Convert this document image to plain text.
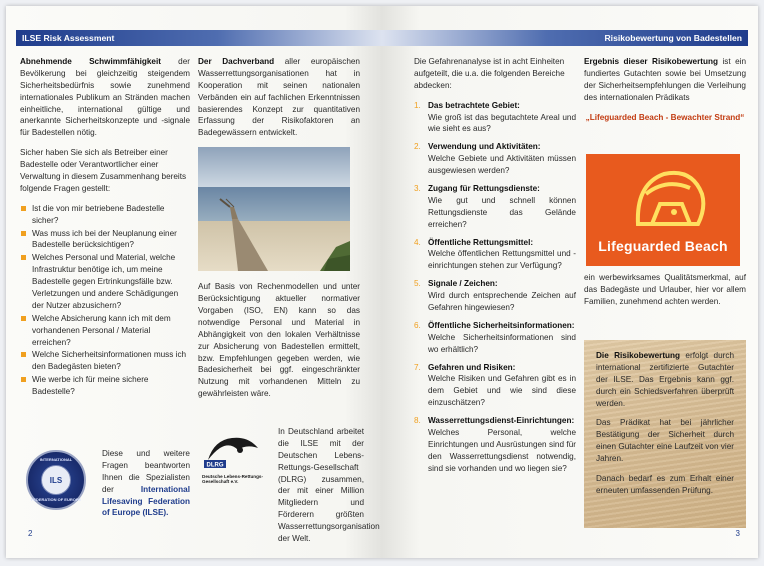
ILSE Risk Assessment

Abnehmende Schwimmfähigkeit der Bevölkerung bei gleichzeitig steigendem Sicherheitsbedürfnis sowie zunehmend internationales Publikum an Stränden machen einheitliche, international gültige und anerkannte Sicherheitskonzepte und -signale für Badestellen nötig.

Sicher haben Sie sich als Betreiber einer Badestelle oder Verantwortlicher einer Verwaltung in diesem Zusammenhang bereits folgende Fragen gestellt:

Ist die von mir betriebene Badestelle sicher?
Was muss ich bei der Neuplanung einer Badestelle berücksichtigen?
Welches Personal und Material, welche Infrastruktur benötige ich, um meine Badestelle gegen Ertrinkungsfälle bzw. Verletzungen und andere Schädigungen der Nutzer abzusichern?
Welche Absicherung kann ich mit dem vorhandenen Personal / Material erreichen?
Welche Sicherheitsinformationen muss ich den Badegästen bieten?
Wie werbe ich für meine sichere Badestelle?
INTERNATIONAL
ILS
FEDERATION OF EUROPE

Diese und weitere Fragen beantworten Ihnen die Spezialisten der International Lifesaving Federation of Europe (ILSE).

Der Dachverband aller europäischen Wasserrettungsorganisationen hat in Kooperation mit seinen nationalen Verbänden ein auf fachlichen Erkenntnissen basierendes Konzept zur quantitativen Erfassung der Risikofaktoren an Badegewässern entwickelt.

Auf Basis von Rechenmodellen und unter Berücksichtigung aktueller normativer Vorgaben (ISO, EN) kann so das notwendige Personal und Material in Abhängigkeit von den lokalen Verhältnisse zur Absicherung von Badestellen ermittelt, bzw. Empfehlungen gegeben werden, wie Badesicherheit bei ggf. eingeschränkter Nutzung mit vorhandenen Mitteln zu gewährleisten wäre.

DLRG
Deutsche Lebens-Rettungs-Gesellschaft e.V.

In Deutschland arbeitet die ILSE mit der Deutschen Lebens-Rettungs-Gesellschaft (DLRG) zusammen, der mit einer Million Mitgliedern und Förderern größten Wasserrettungsorganisation der Welt.

2
Risikobewertung von Badestellen

Die Gefahrenanalyse ist in acht Einheiten aufgeteilt, die u.a. die folgenden Bereiche abdecken:

1. Das betrachtete Gebiet:
Wie groß ist das begutachtete Areal und wie sieht es aus?
2. Verwendung und Aktivitäten:
Welche Gebiete und Aktivitäten müssen ausgewiesen werden?
3. Zugang für Rettungsdienste:
Wie gut und schnell können Rettungsdienste das Gelände erreichen?
4. Öffentliche Rettungsmittel:
Welche öffentlichen Rettungsmittel und -einrichtungen stehen zur Verfügung?
5. Signale / Zeichen:
Wird durch entsprechende Zeichen auf Gefahren hingewiesen?
6. Öffentliche Sicherheitsinformationen:
Welche Sicherheitsinformationen sind wo erhältlich?
7. Gefahren und Risiken:
Welche Risiken und Gefahren gibt es in dem Gebiet und wie sind diese einzuschätzen?
8. Wasserrettungsdienst-Einrichtungen:
Welches Personal, welche Einrichtungen und Ausrüstungen sind für den Wasserrettungsdienst notwendig, sind sie vorhanden und wo liegen sie?

Ergebnis dieser Risikobewertung ist ein fundiertes Gutachten sowie bei Umsetzung der Sicherheitsempfehlungen die Verleihung des internationalen Prädikats

„Lifeguarded Beach - Bewachter Strand“

Lifeguarded Beach

ein werbewirksames Qualitätsmerkmal, auf das Badegäste und Urlauber, hier vor allem Familien, zunehmend achten werden.

Die Risikobewertung erfolgt durch international zertifizierte Gutachter der ILSE. Das Ergebnis kann ggf. durch ein Schiedsverfahren überprüft werden.

Das Prädikat hat bei jährlicher Bestätigung der Sicherheit durch einen Gutachter eine Laufzeit von vier Jahren.

Danach bedarf es zum Erhalt einer erneuten umfassenden Prüfung.

3
